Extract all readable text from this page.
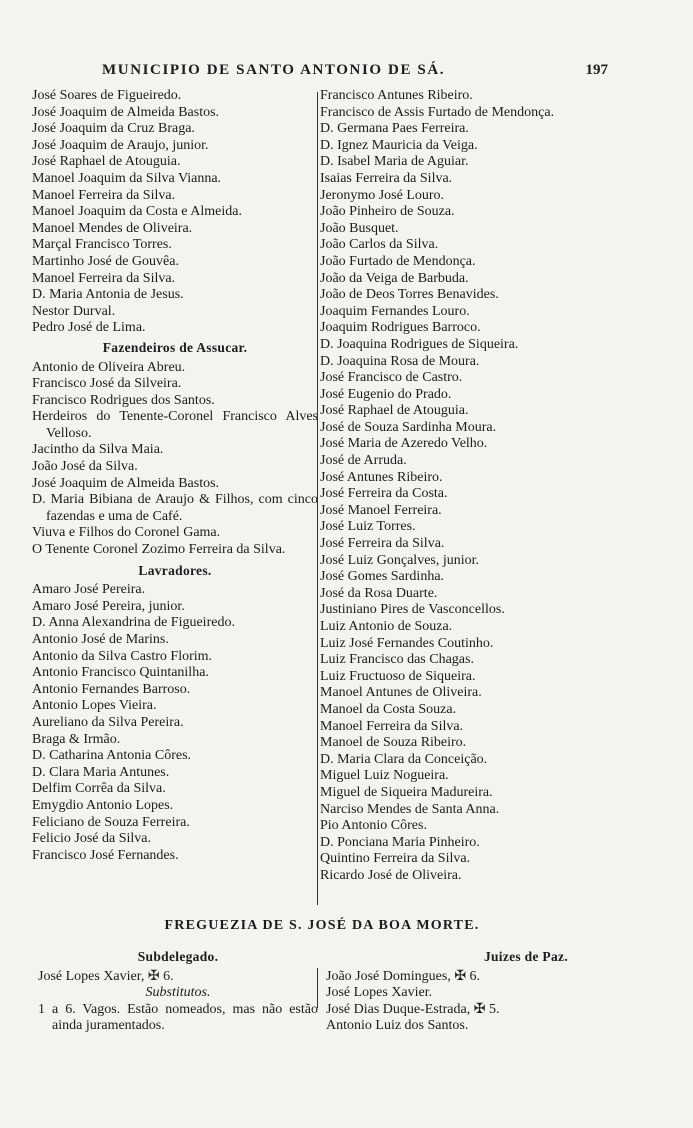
MUNICIPIO DE SANTO ANTONIO DE SÁ.	197
José Soares de Figueiredo.
José Joaquim de Almeida Bastos.
José Joaquim da Cruz Braga.
José Joaquim de Araujo, junior.
José Raphael de Atouguia.
Manoel Joaquim da Silva Vianna.
Manoel Ferreira da Silva.
Manoel Joaquim da Costa e Almeida.
Manoel Mendes de Oliveira.
Marçal Francisco Torres.
Martinho José de Gouvêa.
Manoel Ferreira da Silva.
D. Maria Antonia de Jesus.
Nestor Durval.
Pedro José de Lima.
Fazendeiros de Assucar.
Antonio de Oliveira Abreu.
Francisco José da Silveira.
Francisco Rodrigues dos Santos.
Herdeiros do Tenente-Coronel Francisco Alves Velloso.
Jacintho da Silva Maia.
João José da Silva.
José Joaquim de Almeida Bastos.
D. Maria Bibiana de Araujo & Filhos, com cinco fazendas e uma de Café.
Viuva e Filhos do Coronel Gama.
O Tenente Coronel Zozimo Ferreira da Silva.
Lavradores.
Amaro José Pereira.
Amaro José Pereira, junior.
D. Anna Alexandrina de Figueiredo.
Antonio José de Marins.
Antonio da Silva Castro Florim.
Antonio Francisco Quintanilha.
Antonio Fernandes Barroso.
Antonio Lopes Vieira.
Aureliano da Silva Pereira.
Braga & Irmão.
D. Catharina Antonia Côres.
D. Clara Maria Antunes.
Delfim Corrêa da Silva.
Emygdio Antonio Lopes.
Feliciano de Souza Ferreira.
Felicio José da Silva.
Francisco José Fernandes.
Francisco Antunes Ribeiro.
Francisco de Assis Furtado de Mendonça.
D. Germana Paes Ferreira.
D. Ignez Mauricia da Veiga.
D. Isabel Maria de Aguiar.
Isaias Ferreira da Silva.
Jeronymo José Louro.
João Pinheiro de Souza.
João Busquet.
João Carlos da Silva.
João Furtado de Mendonça.
João da Veiga de Barbuda.
João de Deos Torres Benavides.
Joaquim Fernandes Louro.
Joaquim Rodrigues Barroco.
D. Joaquina Rodrigues de Siqueira.
D. Joaquina Rosa de Moura.
José Francisco de Castro.
José Eugenio do Prado.
José Raphael de Atouguia.
José de Souza Sardinha Moura.
José Maria de Azeredo Velho.
José de Arruda.
José Antunes Ribeiro.
José Ferreira da Costa.
José Manoel Ferreira.
José Luiz Torres.
José Ferreira da Silva.
José Luiz Gonçalves, junior.
José Gomes Sardinha.
José da Rosa Duarte.
Justiniano Pires de Vasconcellos.
Luiz Antonio de Souza.
Luiz José Fernandes Coutinho.
Luiz Francisco das Chagas.
Luiz Fructuoso de Siqueira.
Manoel Antunes de Oliveira.
Manoel da Costa Souza.
Manoel Ferreira da Silva.
Manoel de Souza Ribeiro.
D. Maria Clara da Conceição.
Miguel Luiz Nogueira.
Miguel de Siqueira Madureira.
Narciso Mendes de Santa Anna.
Pio Antonio Côres.
D. Ponciana Maria Pinheiro.
Quintino Ferreira da Silva.
Ricardo José de Oliveira.
FREGUEZIA DE S. JOSÉ DA BOA MORTE.
Subdelegado.
José Lopes Xavier, ✠ 6.
Substitutos.
1 a 6. Vagos. Estão nomeados, mas não estão ainda juramentados.
Juizes de Paz.
João José Domingues, ✠ 6.
José Lopes Xavier.
José Dias Duque-Estrada, ✠ 5.
Antonio Luiz dos Santos.
